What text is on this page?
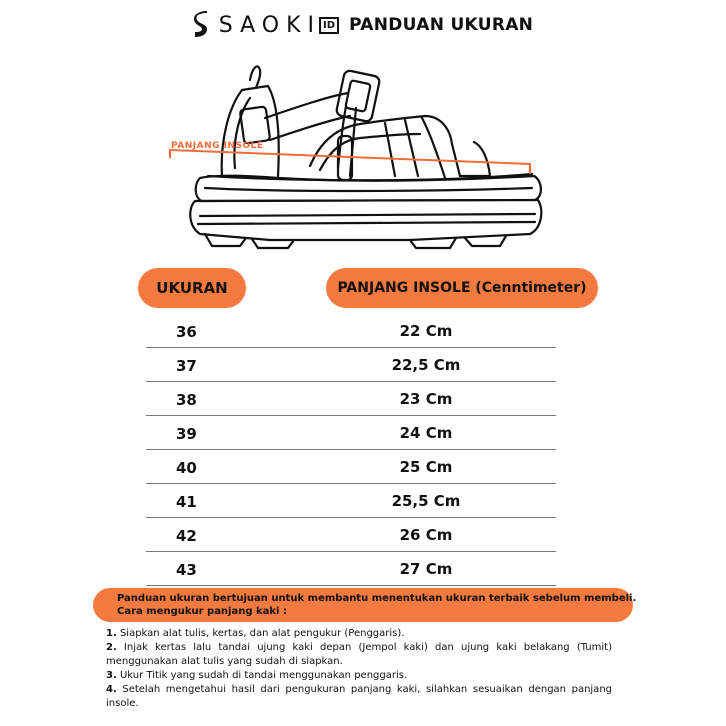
SAOKI ID PANDUAN UKURAN
PANJANG INSOLE
UKURAN	PANJANG INSOLE (Cenntimeter)
36	22 Cm
37	22,5 Cm
38	23 Cm
39	24 Cm
40	25 Cm
41	25,5 Cm
42	26 Cm
43	27 Cm
Panduan ukuran bertujuan untuk membantu menentukan ukuran terbaik sebelum membeli.
Cara mengukur panjang kaki :
1. Siapkan alat tulis, kertas, dan alat pengukur (Penggaris).
2. Injak kertas lalu tandai ujung kaki depan (Jempol kaki) dan ujung kaki belakang (Tumit) menggunakan alat tulis yang sudah di siapkan.
3. Ukur Titik yang sudah di tandai menggunakan penggaris.
4. Setelah mengetahui hasil dari pengukuran panjang kaki, silahkan sesuaikan dengan panjang insole.
